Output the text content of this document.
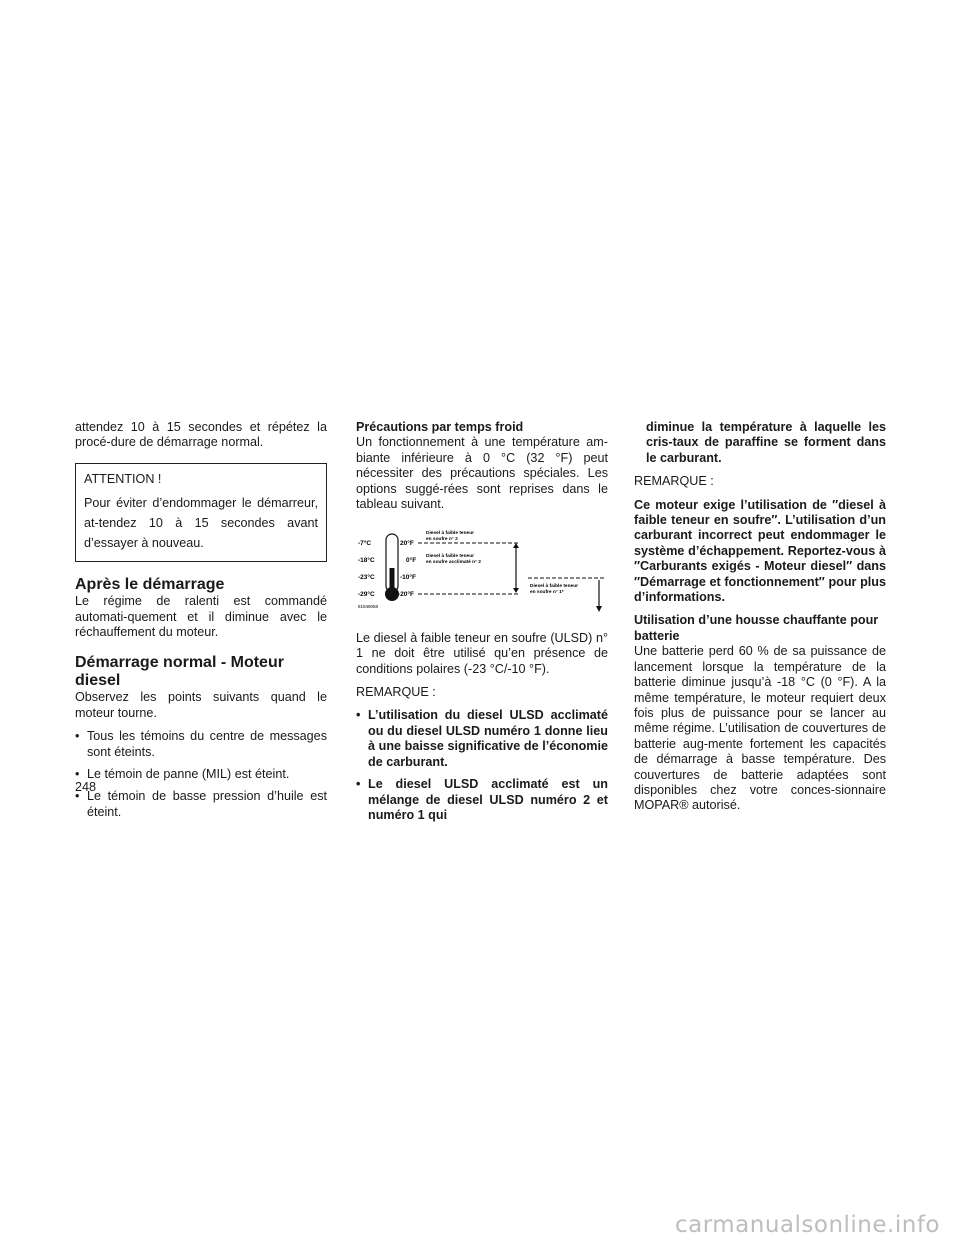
attendez 10 à 15 secondes et répétez la procé-dure de démarrage normal.

ATTENTION !

Pour éviter d’endommager le démarreur, at-tendez 10 à 15 secondes avant d’essayer à nouveau.

Après le démarrage

Le régime de ralenti est commandé automati-quement et il diminue avec le réchauffement du moteur.

Démarrage normal - Moteur diesel

Observez les points suivants quand le moteur tourne.

• Tous les témoins du centre de messages sont éteints.
• Le témoin de panne (MIL) est éteint.
• Le témoin de basse pression d’huile est éteint.
Précautions par temps froid

Un fonctionnement à une température am-biante inférieure à 0 °C (32 °F) peut nécessiter des précautions spéciales. Les options suggé-rées sont reprises dans le tableau suivant.

-7°C
-18°C
-23°C
-29°C
20°F
0°F
-10°F
-20°F
Diesel à faible teneur
en soufre n° 2
Diesel à faible teneur
en soufre acclimaté n° 2
Diesel à faible teneur
en soufre n° 1*
81949058

Le diesel à faible teneur en soufre (ULSD) n° 1 ne doit être utilisé qu’en présence de conditions polaires (-23 °C/-10 °F).

REMARQUE :

• L’utilisation du diesel ULSD acclimaté ou du diesel ULSD numéro 1 donne lieu à une baisse significative de l’économie de carburant.
• Le diesel ULSD acclimaté est un mélange de diesel ULSD numéro 2 et numéro 1 qui
diminue la température à laquelle les cris-taux de paraffine se forment dans le carburant.

REMARQUE :

Ce moteur exige l’utilisation de ″diesel à faible teneur en soufre″. L’utilisation d’un carburant incorrect peut endommager le système d’échappement. Reportez-vous à ″Carburants exigés - Moteur diesel″ dans ″Démarrage et fonctionnement″ pour plus d’informations.

Utilisation d’une housse chauffante pour batterie

Une batterie perd 60 % de sa puissance de lancement lorsque la température de la batterie diminue jusqu’à -18 °C (0 °F). A la même température, le moteur requiert deux fois plus de puissance pour se lancer au même régime. L’utilisation de couvertures de batterie aug-mente fortement les capacités de démarrage à basse température. Des couvertures de batterie adaptées sont disponibles chez votre conces-sionnaire MOPAR® autorisé.

248
carmanualsonline.info
